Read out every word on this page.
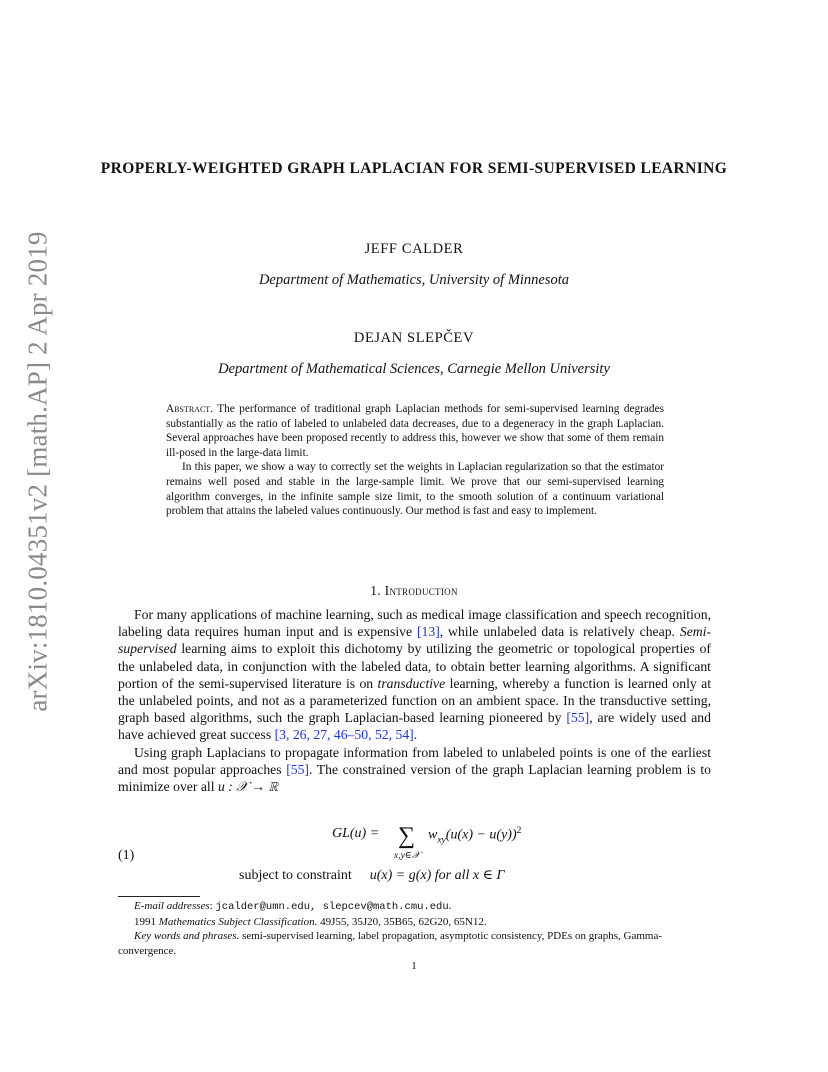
arXiv:1810.04351v2 [math.AP] 2 Apr 2019
PROPERLY-WEIGHTED GRAPH LAPLACIAN FOR SEMI-SUPERVISED LEARNING
JEFF CALDER
Department of Mathematics, University of Minnesota
DEJAN SLEPČEV
Department of Mathematical Sciences, Carnegie Mellon University

Abstract. The performance of traditional graph Laplacian methods for semi-supervised learning degrades substantially as the ratio of labeled to unlabeled data decreases, due to a degeneracy in the graph Laplacian. Several approaches have been proposed recently to address this, however we show that some of them remain ill-posed in the large-data limit.

In this paper, we show a way to correctly set the weights in Laplacian regularization so that the estimator remains well posed and stable in the large-sample limit. We prove that our semi-supervised learning algorithm converges, in the infinite sample size limit, to the smooth solution of a continuum variational problem that attains the labeled values continuously. Our method is fast and easy to implement.

1. Introduction

For many applications of machine learning, such as medical image classification and speech recognition, labeling data requires human input and is expensive [13], while unlabeled data is relatively cheap. Semi-supervised learning aims to exploit this dichotomy by utilizing the geometric or topological properties of the unlabeled data, in conjunction with the labeled data, to obtain better learning algorithms. A significant portion of the semi-supervised literature is on transductive learning, whereby a function is learned only at the unlabeled points, and not as a parameterized function on an ambient space. In the transductive setting, graph based algorithms, such the graph Laplacian-based learning pioneered by [55], are widely used and have achieved great success [3, 26, 27, 46–50, 52, 54].

Using graph Laplacians to propagate information from labeled to unlabeled points is one of the earliest and most popular approaches [55]. The constrained version of the graph Laplacian learning problem is to minimize over all u : 𝒳 → ℝ

(1)
GL(u) = ∑
x,y∈𝒳
$w_{xy}(u(x) - u(y))^2$
subject to constraint u(x) = g(x) for all x ∈ Γ

E-mail addresses: jcalder@umn.edu, slepcev@math.cmu.edu.

1991 Mathematics Subject Classification. 49J55, 35J20, 35B65, 62G20, 65N12.

Key words and phrases. semi-supervised learning, label propagation, asymptotic consistency, PDEs on graphs, Gamma-convergence.

1
